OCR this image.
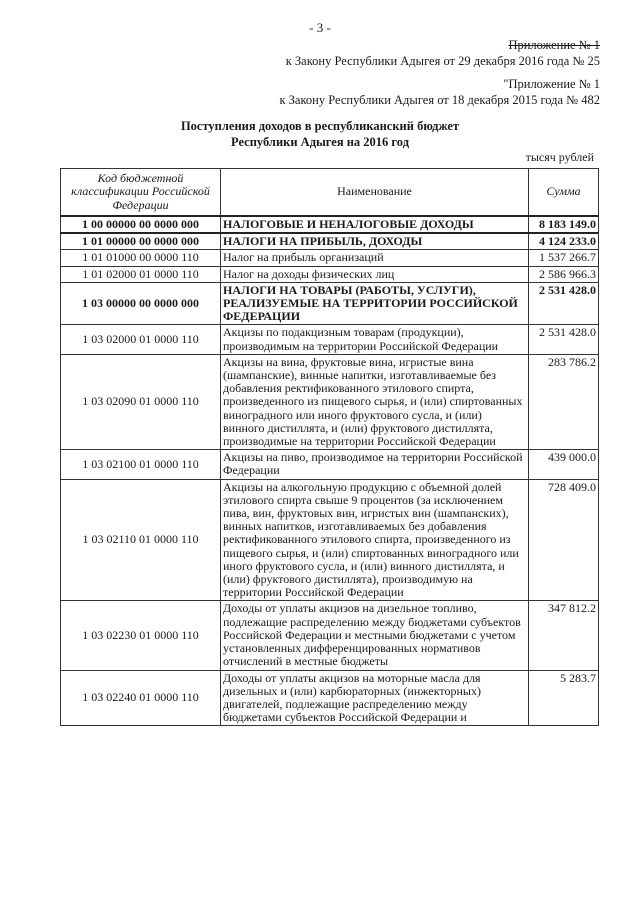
- 3 -
Приложение № 1
к Закону Республики Адыгея от 29 декабря 2016 года № 25
"Приложение № 1
к Закону Республики Адыгея от 18 декабря 2015 года № 482
Поступления доходов в республиканский бюджет
Республики Адыгея на 2016 год
тысяч рублей
Код бюджетной классификации Российской Федерации	Наименование	Сумма
1 00 00000 00 0000 000	НАЛОГОВЫЕ И НЕНАЛОГОВЫЕ ДОХОДЫ	8 183 149.0
1 01 00000 00 0000 000	НАЛОГИ НА ПРИБЫЛЬ, ДОХОДЫ	4 124 233.0
1 01 01000 00 0000 110	Налог на прибыль организаций	1 537 266.7
1 01 02000 01 0000 110	Налог на доходы физических лиц	2 586 966.3
1 03 00000 00 0000 000	НАЛОГИ НА ТОВАРЫ (РАБОТЫ, УСЛУГИ), РЕАЛИЗУЕМЫЕ НА ТЕРРИТОРИИ РОССИЙСКОЙ ФЕДЕРАЦИИ	2 531 428.0
1 03 02000 01 0000 110	Акцизы по подакцизным товарам (продукции), производимым на территории Российской Федерации	2 531 428.0
1 03 02090 01 0000 110	Акцизы на вина, фруктовые вина, игристые вина (шампанские), винные напитки, изготавливаемые без добавления ректификованного этилового спирта, произведенного из пищевого сырья, и (или) спиртованных виноградного или иного фруктового сусла, и (или) винного дистиллята, и (или) фруктового дистиллята, производимые на территории Российской Федерации	283 786.2
1 03 02100 01 0000 110	Акцизы на пиво, производимое на территории Российской Федерации	439 000.0
1 03 02110 01 0000 110	Акцизы на алкогольную продукцию с объемной долей этилового спирта свыше 9 процентов (за исключением пива, вин, фруктовых вин, игристых вин (шампанских), винных напитков, изготавливаемых без добавления ректификованного этилового спирта, произведенного из пищевого сырья, и (или) спиртованных виноградного или иного фруктового сусла, и (или) винного дистиллята, и (или) фруктового дистиллята), производимую на территории Российской Федерации	728 409.0
1 03 02230 01 0000 110	Доходы от уплаты акцизов на дизельное топливо, подлежащие распределению между бюджетами субъектов Российской Федерации и местными бюджетами с учетом установленных дифференцированных нормативов отчислений в местные бюджеты	347 812.2
1 03 02240 01 0000 110	Доходы от уплаты акцизов на моторные масла для дизельных и (или) карбюраторных (инжекторных) двигателей, подлежащие распределению между бюджетами субъектов Российской Федерации и	5 283.7
